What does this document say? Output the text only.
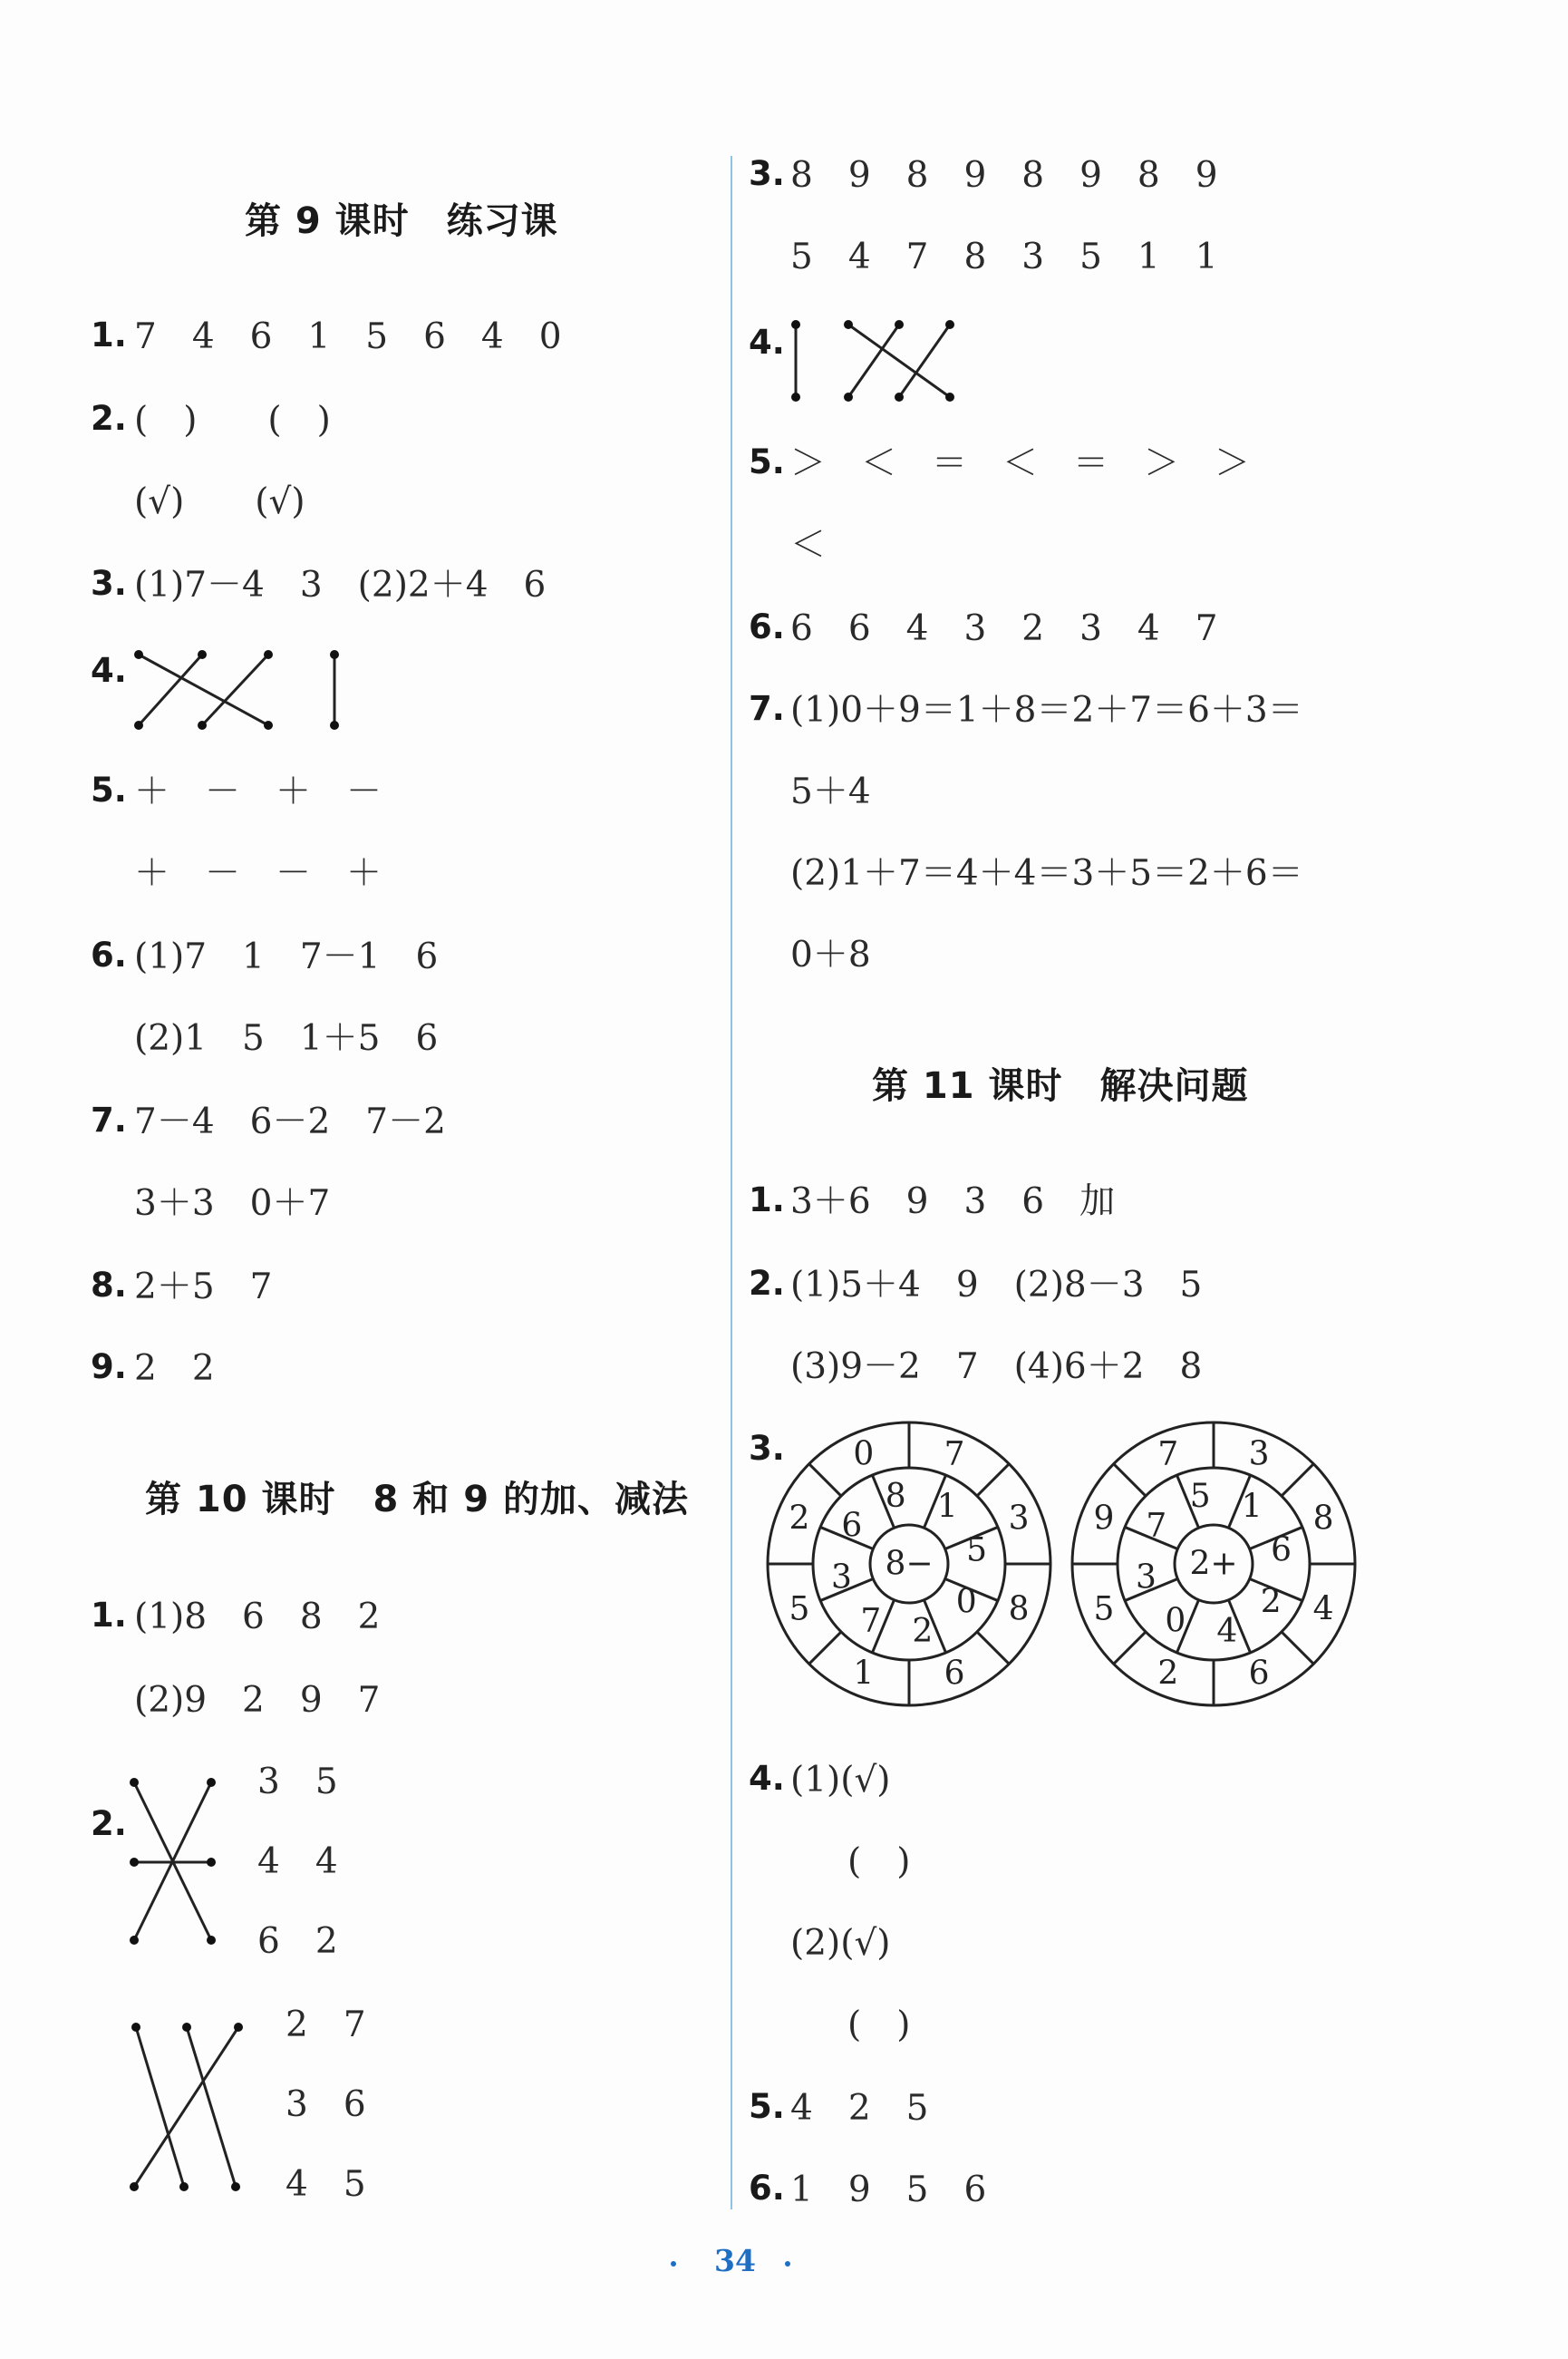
第 9 课时　练习课
1. 7　4　6　1　5　6　4　0
2. (　)　　(　)
(√)　　(√)
3. (1)7－4　3　(2)2＋4　6
4.
5. ＋　－　＋　－
＋　－　－　＋
6. (1)7　1　7－1　6
(2)1　5　1＋5　6
7. 7－4　6－2　7－2
3＋3　0＋7
8. 2＋5　7
9. 2　2
第 10 课时　8 和 9 的加、减法
1. (1)8　6　8　2
(2)9　2　9　7
2.
3　5
4　4
6　2
2　7
3　6
4　5
3. 8　9　8　9　8　9　8　9
5　4　7　8　3　5　1　1
4.
5. ＞　＜　＝　＜　＝　＞　＞
＜
6. 6　6　4　3　2　3　4　7
7. (1)0＋9＝1＋8＝2＋7＝6＋3＝
5＋4
(2)1＋7＝4＋4＝3＋5＝2＋6＝
0＋8
第 11 课时　解决问题
1. 3＋6　9　3　6　加
2. (1)5＋4　9　(2)8－3　5
(3)9－2　7　(4)6＋2　8
3.
4. (1)(√)
(　)
(2)(√)
(　)
5. 4　2　5
6. 1　9　5　6
8−
0 7
3
8
6
1
5
2
8 1
5
0
2
7
3
6
2+
7 3
8
4
6
2
5
9
5 1
6
2
4
0
3
7
34
